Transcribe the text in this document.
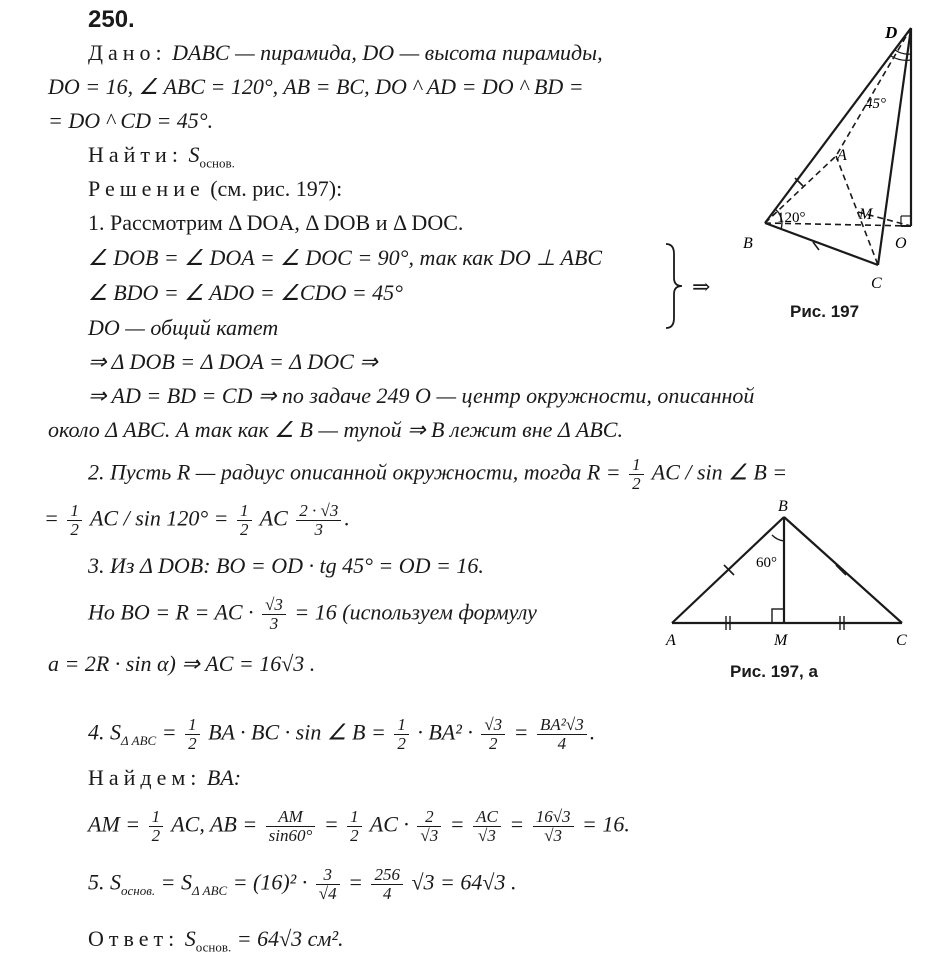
250.
Дано: DABC — пирамида, DO — высота пирамиды,
DO = 16, ∠ ABC = 120°, AB = BC, DO ^ AD = DO ^ BD =
= DO ^ CD = 45°.
Найти: $S_{основ.}$
Решение (см. рис. 197):
1. Рассмотрим Δ DOA, Δ DOB и Δ DOC.
∠ DOB = ∠ DOA = ∠ DOC = 90°, так как DO ⊥ ABC
∠ BDO = ∠ ADO = ∠CDO = 45°
DO — общий катет
⇒
⇒ Δ DOB = Δ DOA = Δ DOC ⇒
⇒ AD = BD = CD ⇒ по задаче 249 O — центр окружности, описанной
около Δ ABC. А так как ∠ B — тупой ⇒ B лежит вне Δ ABC.
2. Пусть R — радиус описанной окружности, тогда $R = \frac{1}{2}$ AC / sin ∠ B =
= $\frac{1}{2}$ AC / $\sin 120^\circ = \frac{1}{2}$ AC $\frac{2 \cdot √3}{3}$ .
3. Из Δ DOB: BO = OD · tg 45° = OD = 16.
Но BO = R = AC · $\frac{√3}{3} = 16$ (используем формулу
a = 2R · sin α) ⇒ AC = 16√3 .
4. $S_{\Delta ABC} = \frac{1}{2}$ BA · BC · sin ∠ $B = \frac{1}{2} \cdot BA^2 \cdot \frac{√3}{2} = \frac{\text{BA²√3}}{4}$ .
Найдем: BA:
AM = $\frac{1}{2}$ AC, AB = $\frac{AM}{\sin 60^\circ} = \frac{1}{2}$ AC · $\frac{2}{√3} = \frac{AC}{√3} = \frac{16√3}{√3} = 16$.
5. $S_{основ.} = S_{\Delta ABC} = (16)^2 \cdot \frac{3}{√4} = \frac{256}{4} √3 = 64√3$ .
Ответ: $S_{основ.} = 64√3$ см².
D
45°
A
120°	M
B	O
C
Рис. 197
B
60°
A	M	C
Рис. 197, а
